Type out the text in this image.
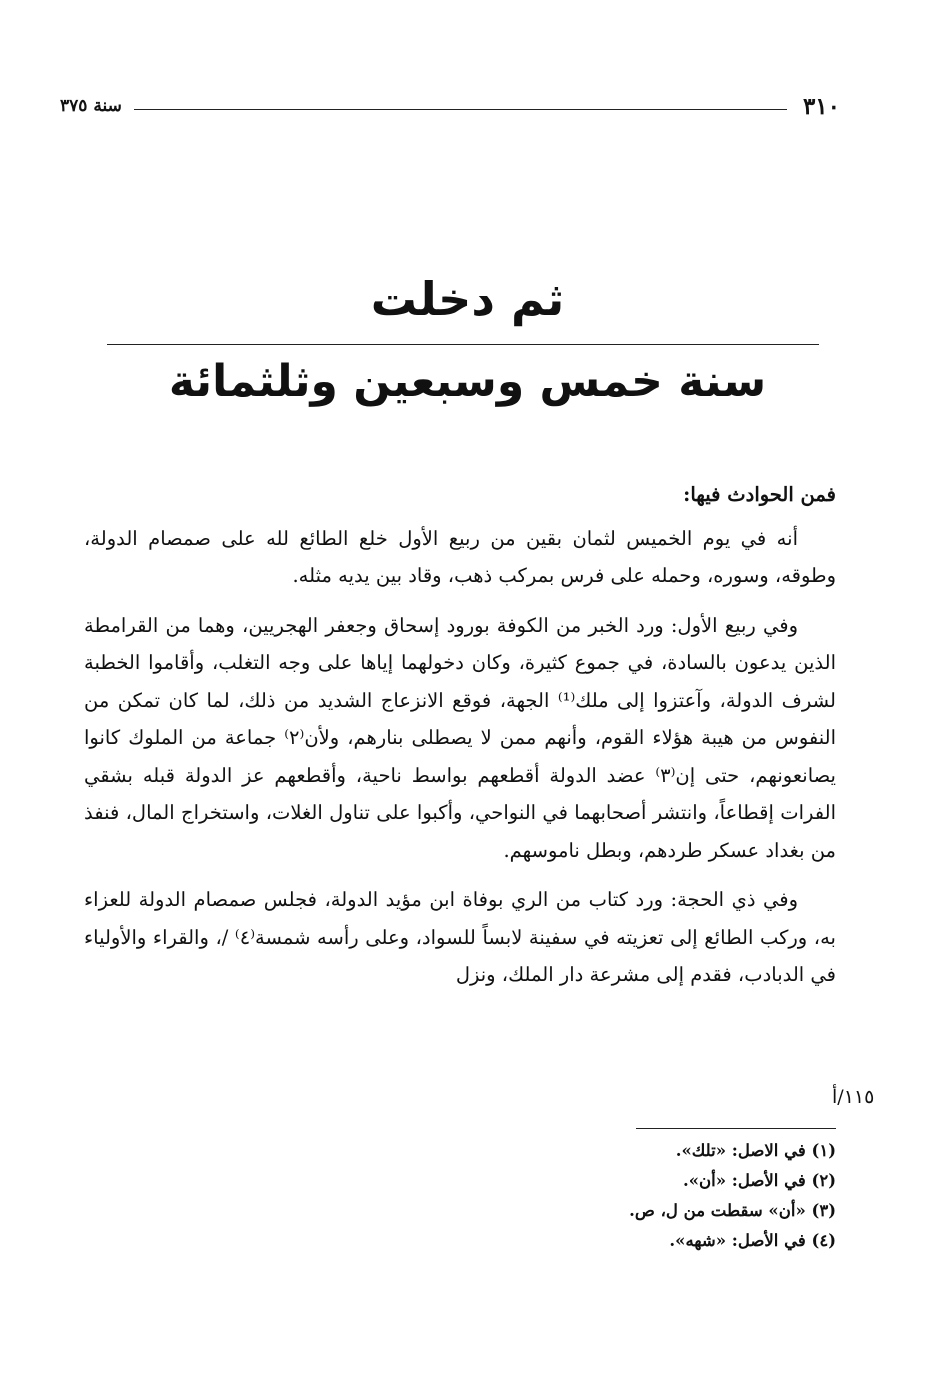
٣١٠
سنة ٣٧٥
ثم دخلت
سنة خمس وسبعين وثلثمائة
فمن الحوادث فيها:

أنه في يوم الخميس لثمان بقين من ربيع الأول خلع الطائع لله على صمصام الدولة، وطوقه، وسوره، وحمله على فرس بمركب ذهب، وقاد بين يديه مثله.

وفي ربيع الأول: ورد الخبر من الكوفة بورود إسحاق وجعفر الهجريين، وهما من القرامطة الذين يدعون بالسادة، في جموع كثيرة، وكان دخولهما إياها على وجه التغلب، وأقاموا الخطبة لشرف الدولة، وآعتزوا إلى ملك⁽¹⁾ الجهة، فوقع الانزعاج الشديد من ذلك، لما كان تمكن من النفوس من هيبة هؤلاء القوم، وأنهم ممن لا يصطلى بنارهم، ولأن⁽٢⁾ جماعة من الملوك كانوا يصانعونهم، حتى إن⁽٣⁾ عضد الدولة أقطعهم بواسط ناحية، وأقطعهم عز الدولة قبله بشقي الفرات إقطاعاً، وانتشر أصحابهما في النواحي، وأكبوا على تناول الغلات، واستخراج المال، فنفذ من بغداد عسكر طردهم، وبطل ناموسهم.

وفي ذي الحجة: ورد كتاب من الري بوفاة ابن مؤيد الدولة، فجلس صمصام الدولة للعزاء به، وركب الطائع إلى تعزيته في سفينة لابساً للسواد، وعلى رأسه شمسة⁽٤⁾ /، والقراء والأولياء في الدبادب، فقدم إلى مشرعة دار الملك، ونزل

١١٥/أ

(١) في الاصل: «تلك».

(٢) في الأصل: «أن».

(٣) «أن» سقطت من ل، ص.

(٤) في الأصل: «شهه».
